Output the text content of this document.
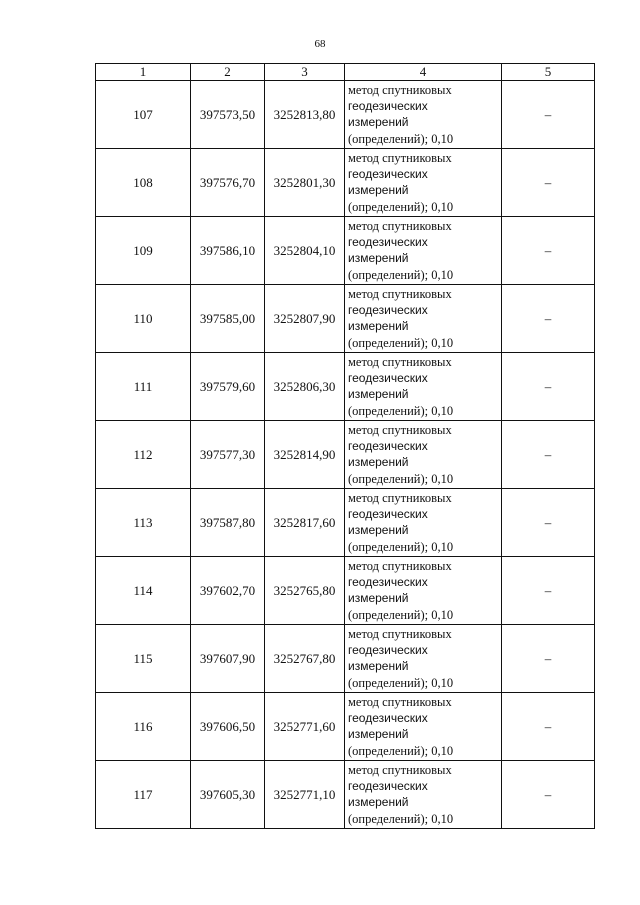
68
1	2	3	4	5
107	397573,50	3252813,80	метод спутниковых
геодезических
измерений
(определений); 0,10	–
108	397576,70	3252801,30	метод спутниковых
геодезических
измерений
(определений); 0,10	–
109	397586,10	3252804,10	метод спутниковых
геодезических
измерений
(определений); 0,10	–
110	397585,00	3252807,90	метод спутниковых
геодезических
измерений
(определений); 0,10	–
111	397579,60	3252806,30	метод спутниковых
геодезических
измерений
(определений); 0,10	–
112	397577,30	3252814,90	метод спутниковых
геодезических
измерений
(определений); 0,10	–
113	397587,80	3252817,60	метод спутниковых
геодезических
измерений
(определений); 0,10	–
114	397602,70	3252765,80	метод спутниковых
геодезических
измерений
(определений); 0,10	–
115	397607,90	3252767,80	метод спутниковых
геодезических
измерений
(определений); 0,10	–
116	397606,50	3252771,60	метод спутниковых
геодезических
измерений
(определений); 0,10	–
117	397605,30	3252771,10	метод спутниковых
геодезических
измерений
(определений); 0,10	–
